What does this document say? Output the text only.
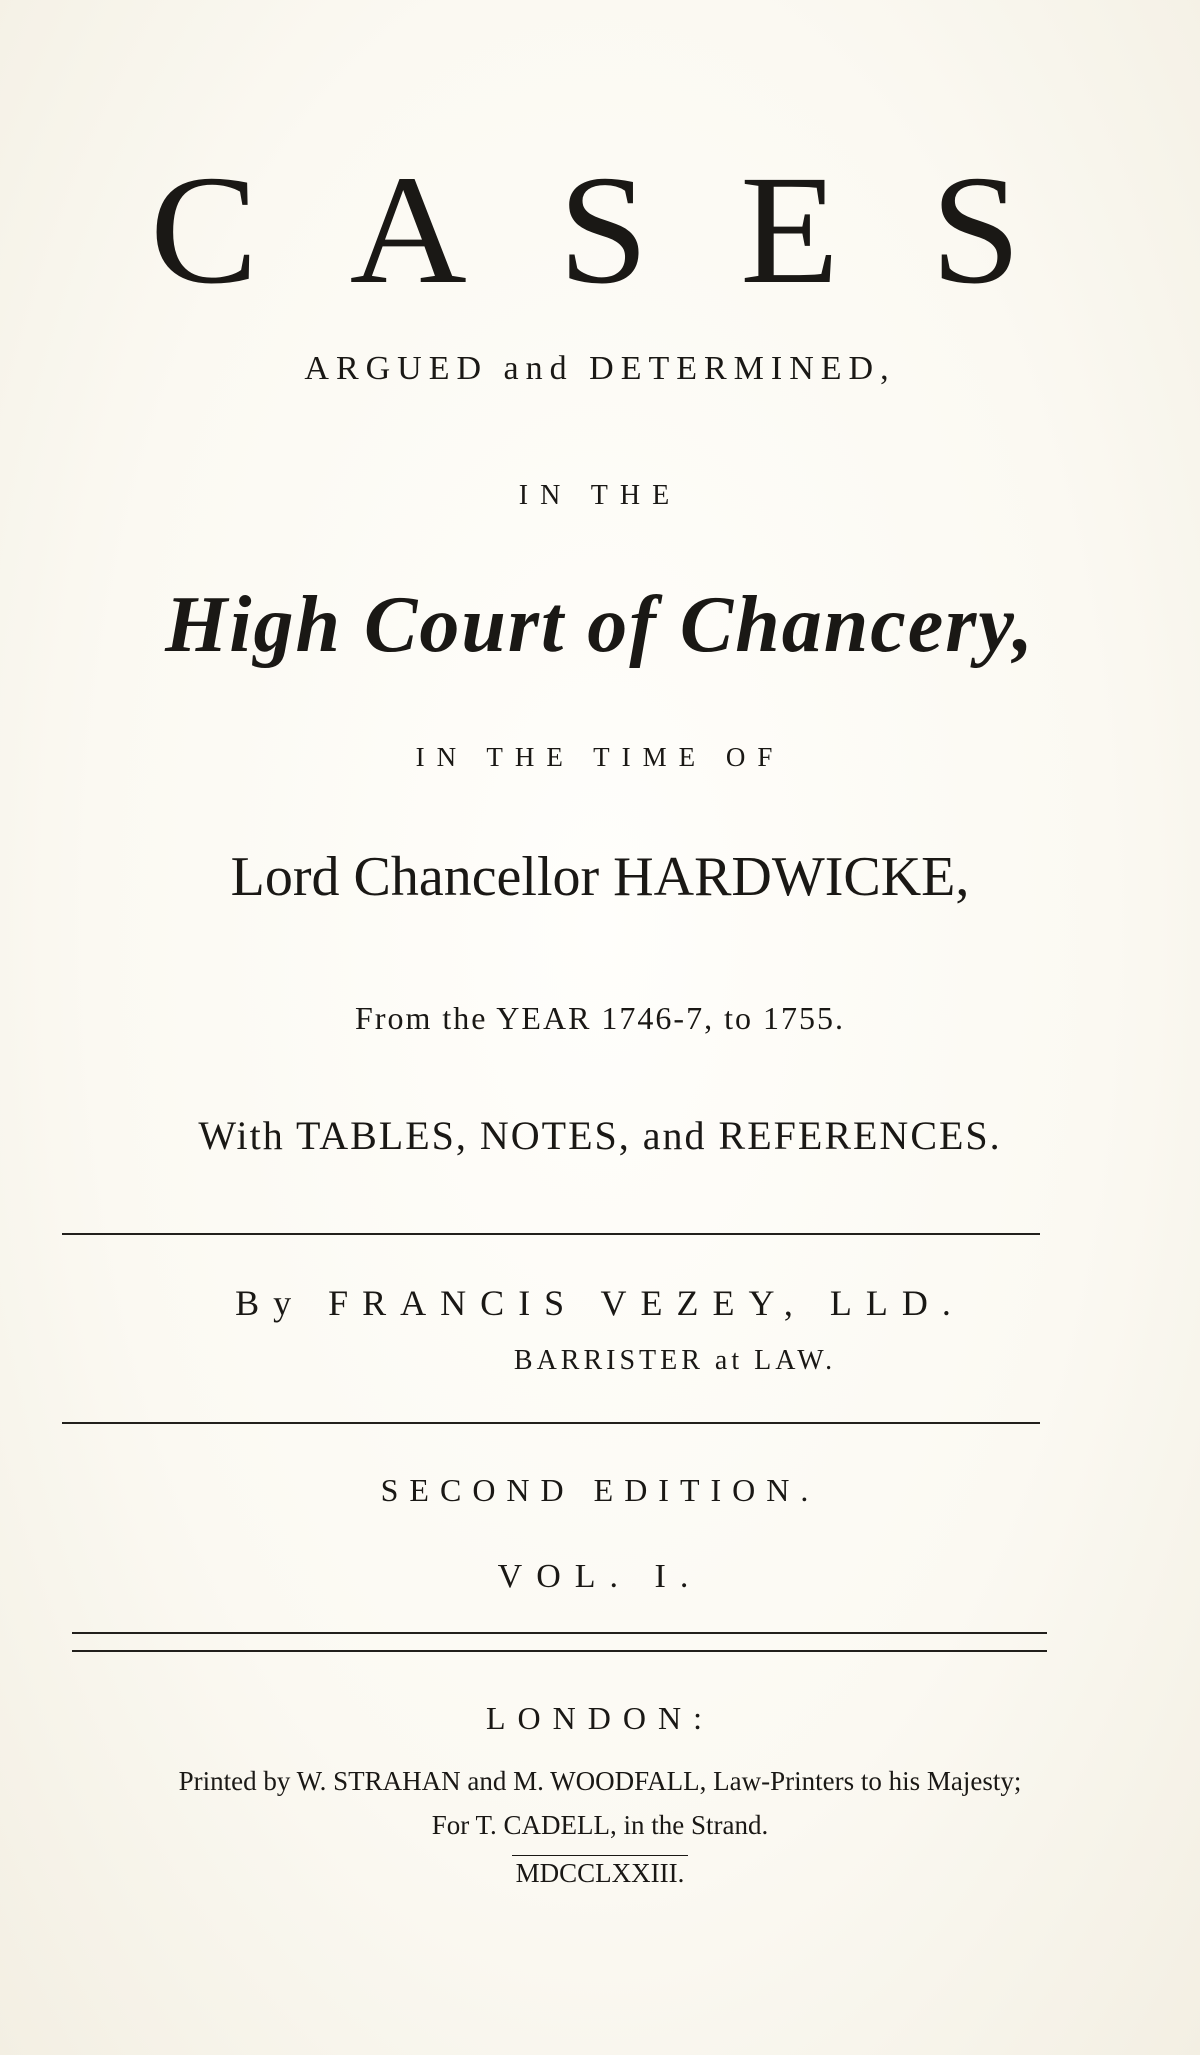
CASES
ARGUED and DETERMINED,
IN THE
High Court of Chancery,
IN THE TIME OF
Lord Chancellor HARDWICKE,
From the YEAR 1746-7, to 1755.
With TABLES, NOTES, and REFERENCES.
By FRANCIS VEZEY, LLD.
BARRISTER at LAW.
SECOND EDITION.
VOL. I.
LONDON:
Printed by W. STRAHAN and M. WOODFALL, Law-Printers to his Majesty;
For T. CADELL, in the Strand.
MDCCLXXIII.
